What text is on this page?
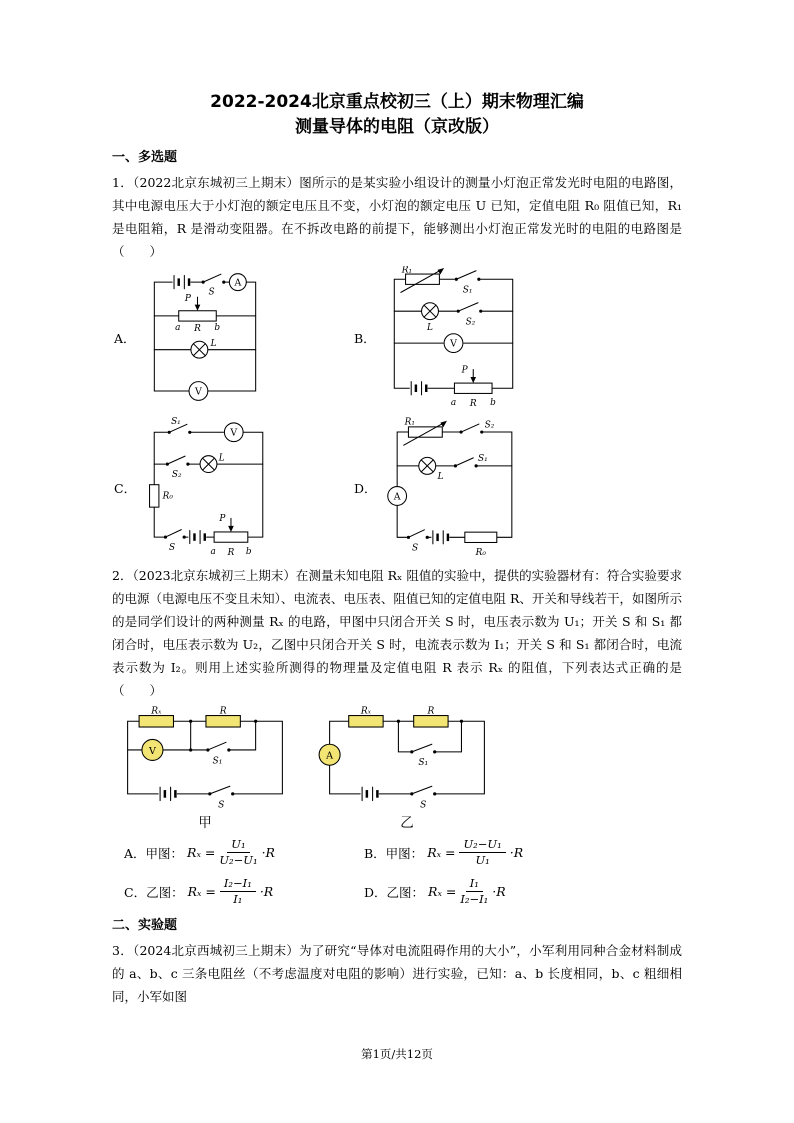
2022-2024北京重点校初三（上）期末物理汇编
测量导体的电阻（京改版）
一、多选题

1．（2022北京东城初三上期末）图所示的是某实验小组设计的测量小灯泡正常发光时电阻的电路图，其中电源电压大于小灯泡的额定电压且不变，小灯泡的额定电压 U 已知，定值电阻 R₀ 阻值已知，R₁ 是电阻箱，R 是滑动变阻器。在不拆改电路的前提下，能够测出小灯泡正常发光时的电阻的电路图是（　　）

A．
S
A
P
a R b
L
V
B．
R₁
S₁
L
S₂
V
P
a R b
C．
S₁
V
S₂
L
R₀
S
P
a R b
D．
R₁	S₂
L
S₁
A
S	R₀

2．（2023北京东城初三上期末）在测量未知电阻 Rₓ 阻值的实验中，提供的实验器材有：符合实验要求的电源（电源电压不变且未知）、电流表、电压表、阻值已知的定值电阻 R、开关和导线若干，如图所示的是同学们设计的两种测量 Rₓ 的电路，甲图中只闭合开关 S 时，电压表示数为 U₁；开关 S 和 S₁ 都闭合时，电压表示数为 U₂，乙图中只闭合开关 S 时，电流表示数为 I₁；开关 S 和 S₁ 都闭合时，电流表示数为 I₂。则用上述实验所测得的物理量及定值电阻 R 表示 Rₓ 的阻值，下列表达式正确的是（　　）

Rₓ	R
V
S₁
S
甲
A
Rₓ	R
S₁
S
乙
A．甲图： $R_x = \frac{\text{U₁}}{\text{U₂−U₁}} \cdot R$	B．甲图： $R_x = \frac{\text{U₂−U₁}}{\text{U₁}} \cdot R$
C．乙图： $R_x = \frac{\text{I₂−I₁}}{\text{I₁}} \cdot R$	D．乙图： $R_x = \frac{\text{I₁}}{\text{I₂−I₁}} \cdot R$
二、实验题

3．（2024北京西城初三上期末）为了研究“导体对电流阻碍作用的大小”，小军利用同种合金材料制成的 a、b、c 三条电阻丝（不考虑温度对电阻的影响）进行实验，已知：a、b 长度相同，b、c 粗细相同，小军如图

第1页/共12页
